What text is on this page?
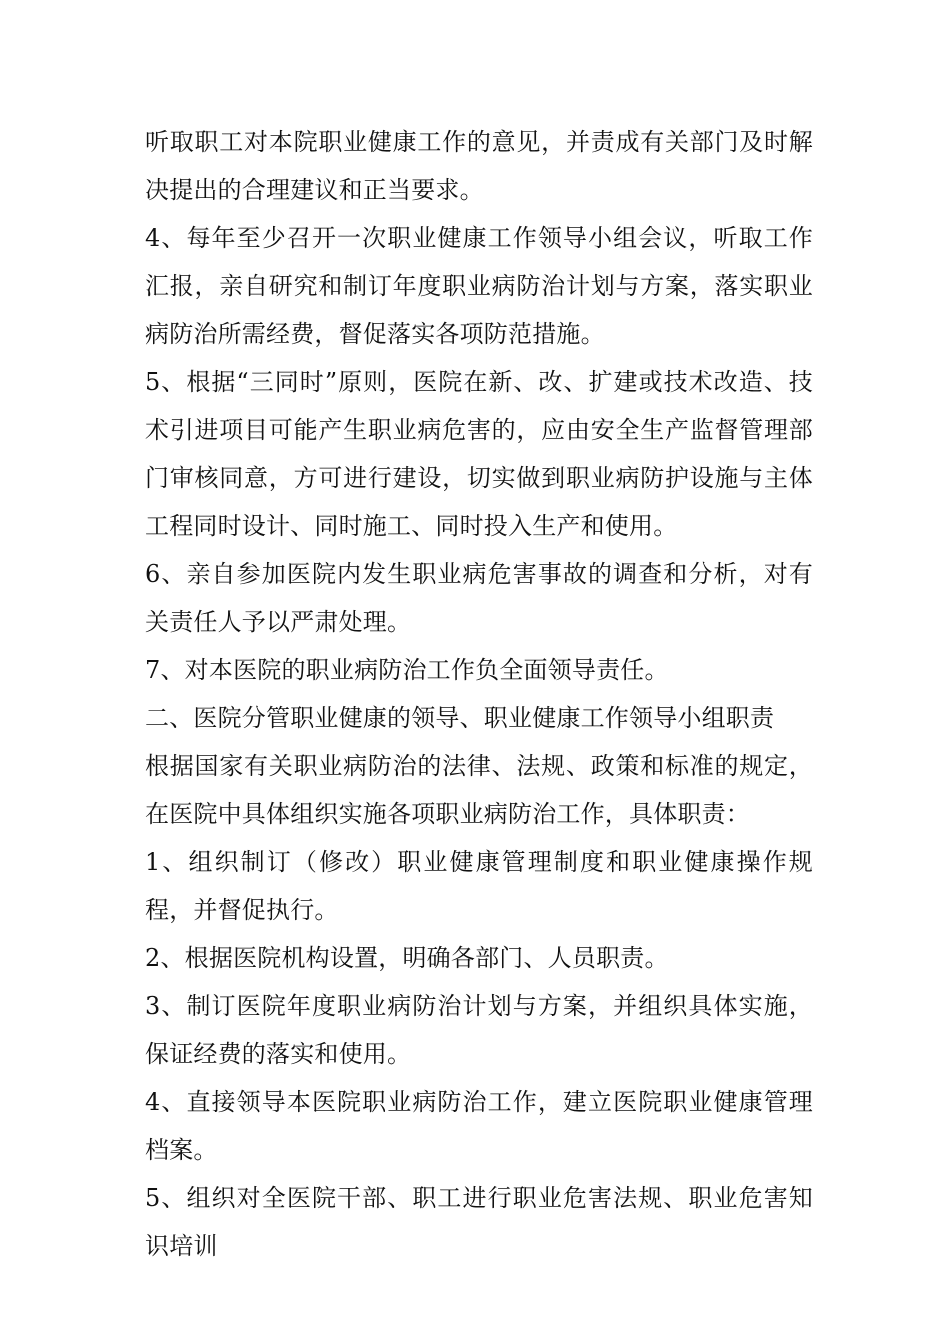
听取职工对本院职业健康工作的意见，并责成有关部门及时解决提出的合理建议和正当要求。

4、每年至少召开一次职业健康工作领导小组会议，听取工作汇报，亲自研究和制订年度职业病防治计划与方案，落实职业病防治所需经费，督促落实各项防范措施。

5、根据“三同时”原则，医院在新、改、扩建或技术改造、技术引进项目可能产生职业病危害的，应由安全生产监督管理部门审核同意，方可进行建设，切实做到职业病防护设施与主体工程同时设计、同时施工、同时投入生产和使用。

6、亲自参加医院内发生职业病危害事故的调查和分析，对有关责任人予以严肃处理。

7、对本医院的职业病防治工作负全面领导责任。

二、医院分管职业健康的领导、职业健康工作领导小组职责

根据国家有关职业病防治的法律、法规、政策和标准的规定，在医院中具体组织实施各项职业病防治工作，具体职责：

1、组织制订（修改）职业健康管理制度和职业健康操作规程，并督促执行。

2、根据医院机构设置，明确各部门、人员职责。

3、制订医院年度职业病防治计划与方案，并组织具体实施，保证经费的落实和使用。

4、直接领导本医院职业病防治工作，建立医院职业健康管理档案。

5、组织对全医院干部、职工进行职业危害法规、职业危害知识培训
